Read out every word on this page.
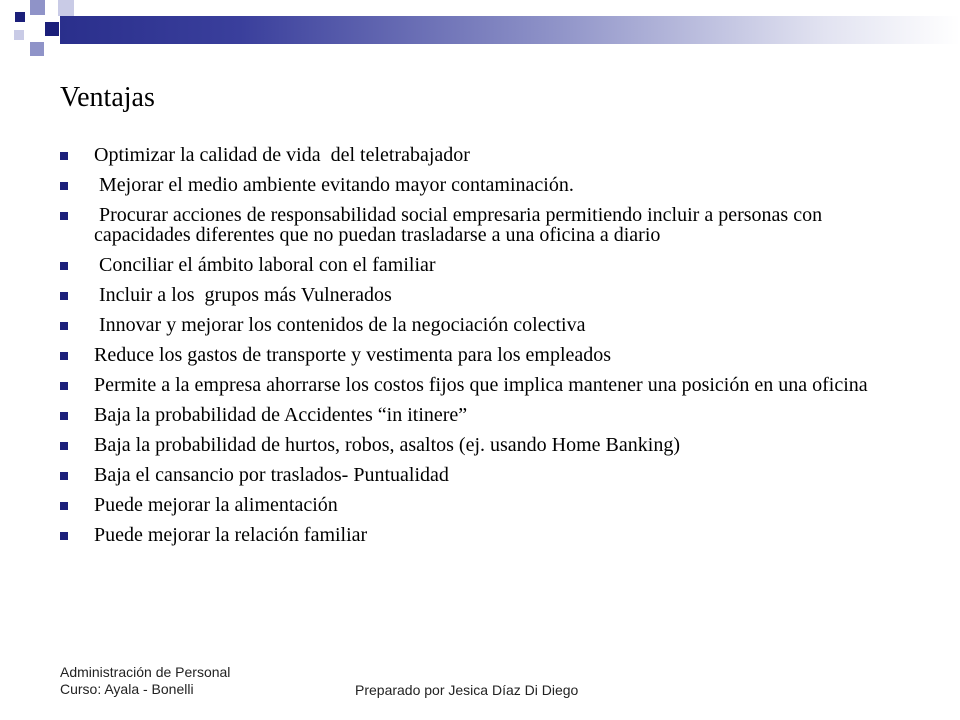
Ventajas
Optimizar la calidad de vida  del teletrabajador
Mejorar el medio ambiente evitando mayor contaminación.
Procurar acciones de responsabilidad social empresaria permitiendo incluir a personas con capacidades diferentes que no puedan trasladarse a una oficina a diario
Conciliar el ámbito laboral con el familiar
Incluir a los  grupos más Vulnerados
Innovar y mejorar los contenidos de la negociación colectiva
Reduce los gastos de transporte y vestimenta para los empleados
Permite a la empresa ahorrarse los costos fijos que implica mantener una posición en una oficina
Baja la probabilidad de Accidentes “in itinere”
Baja la probabilidad de hurtos, robos, asaltos (ej. usando Home Banking)
Baja el cansancio por traslados- Puntualidad
Puede mejorar la alimentación
Puede mejorar la relación familiar
Administración de Personal
Curso: Ayala - Bonelli	Preparado por Jesica Díaz Di Diego
